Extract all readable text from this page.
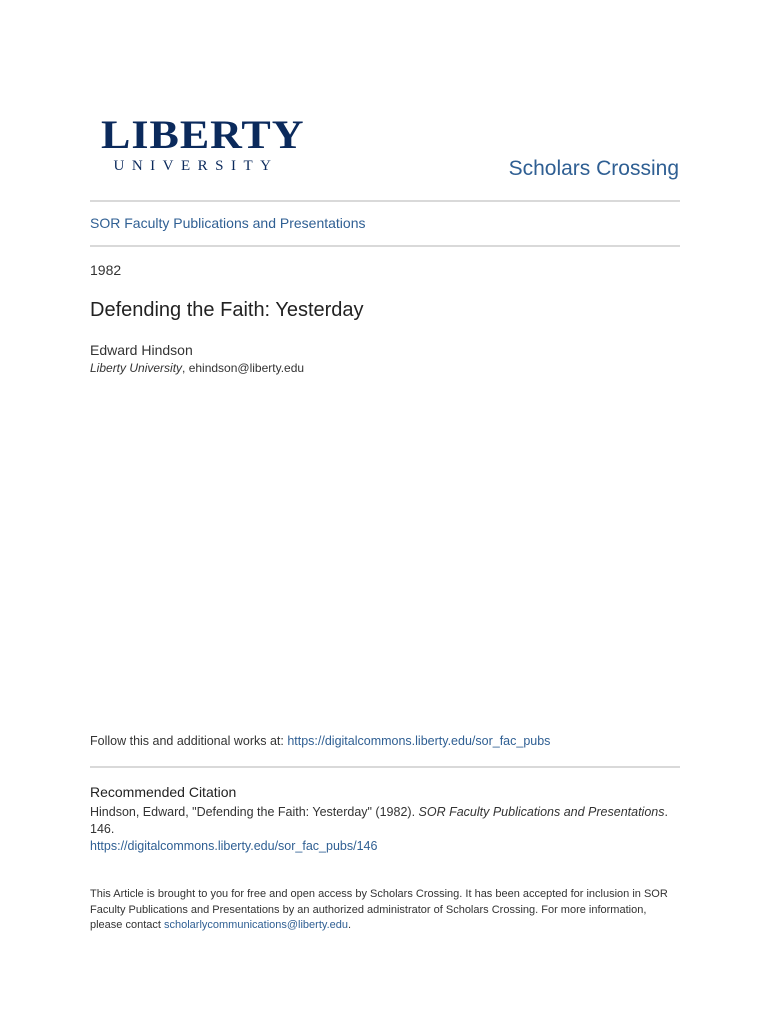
LIBERTY
UNIVERSITY	Scholars Crossing
SOR Faculty Publications and Presentations
1982
Defending the Faith: Yesterday
Edward Hindson
Liberty University, ehindson@liberty.edu
Follow this and additional works at: https://digitalcommons.liberty.edu/sor_fac_pubs
Recommended Citation
Hindson, Edward, "Defending the Faith: Yesterday" (1982). SOR Faculty Publications and Presentations. 146.
https://digitalcommons.liberty.edu/sor_fac_pubs/146
This Article is brought to you for free and open access by Scholars Crossing. It has been accepted for inclusion in SOR Faculty Publications and Presentations by an authorized administrator of Scholars Crossing. For more information, please contact scholarlycommunications@liberty.edu.
